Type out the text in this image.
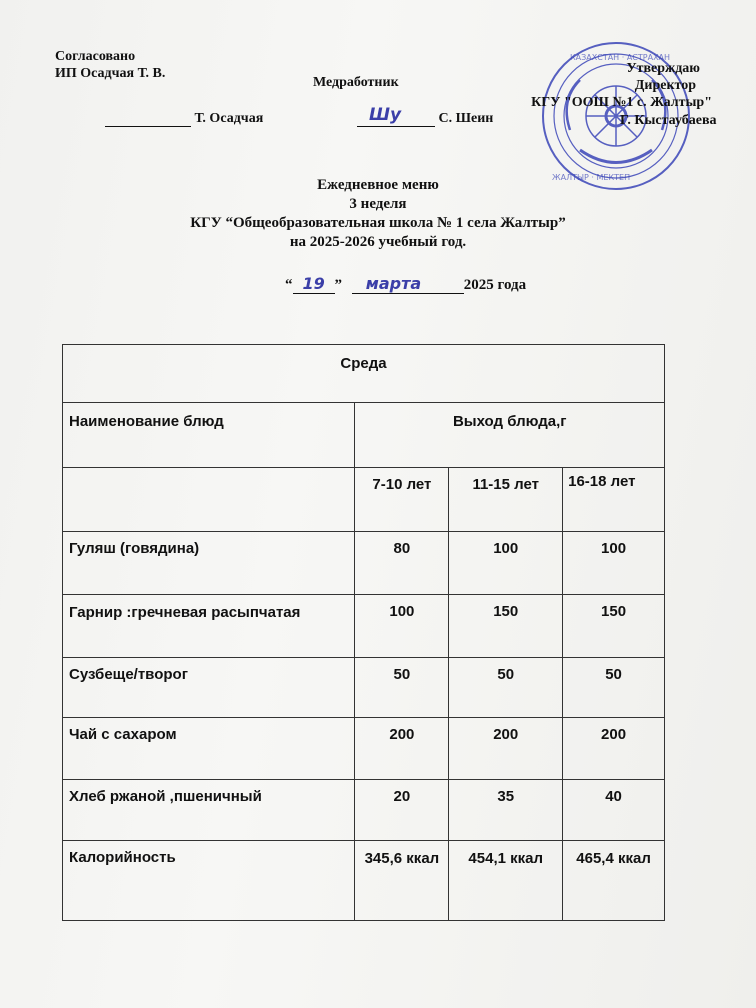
КАЗАХСТАН · АСТРАХАН
ЖАЛТЫР · МЕКТЕП
Согласовано
ИП Осадчая Т. В.
Т. Осадчая
Медработник
Шу	С. Шеин
Утверждаю
Директор
КГУ "ООШ №1 с. Жалтыр"
Г. Кыстаубаева
Ежедневное меню
3 неделя
КГУ “Общеобразовательная школа № 1 села Жалтыр”
на 2025-2026 учебный год.
“ 19 ” марта	2025 года
Среда			
Наименование блюд	Выход блюда,г		
	7-10 лет	11-15 лет	16-18 лет
Гуляш (говядина)	80	100	100
Гарнир :гречневая расыпчатая	100	150	150
Сузбеще/творог	50	50	50
Чай с сахаром	200	200	200
Хлеб ржаной ,пшеничный	20	35	40
Калорийность	345,6 ккал	454,1 ккал	465,4 ккал
